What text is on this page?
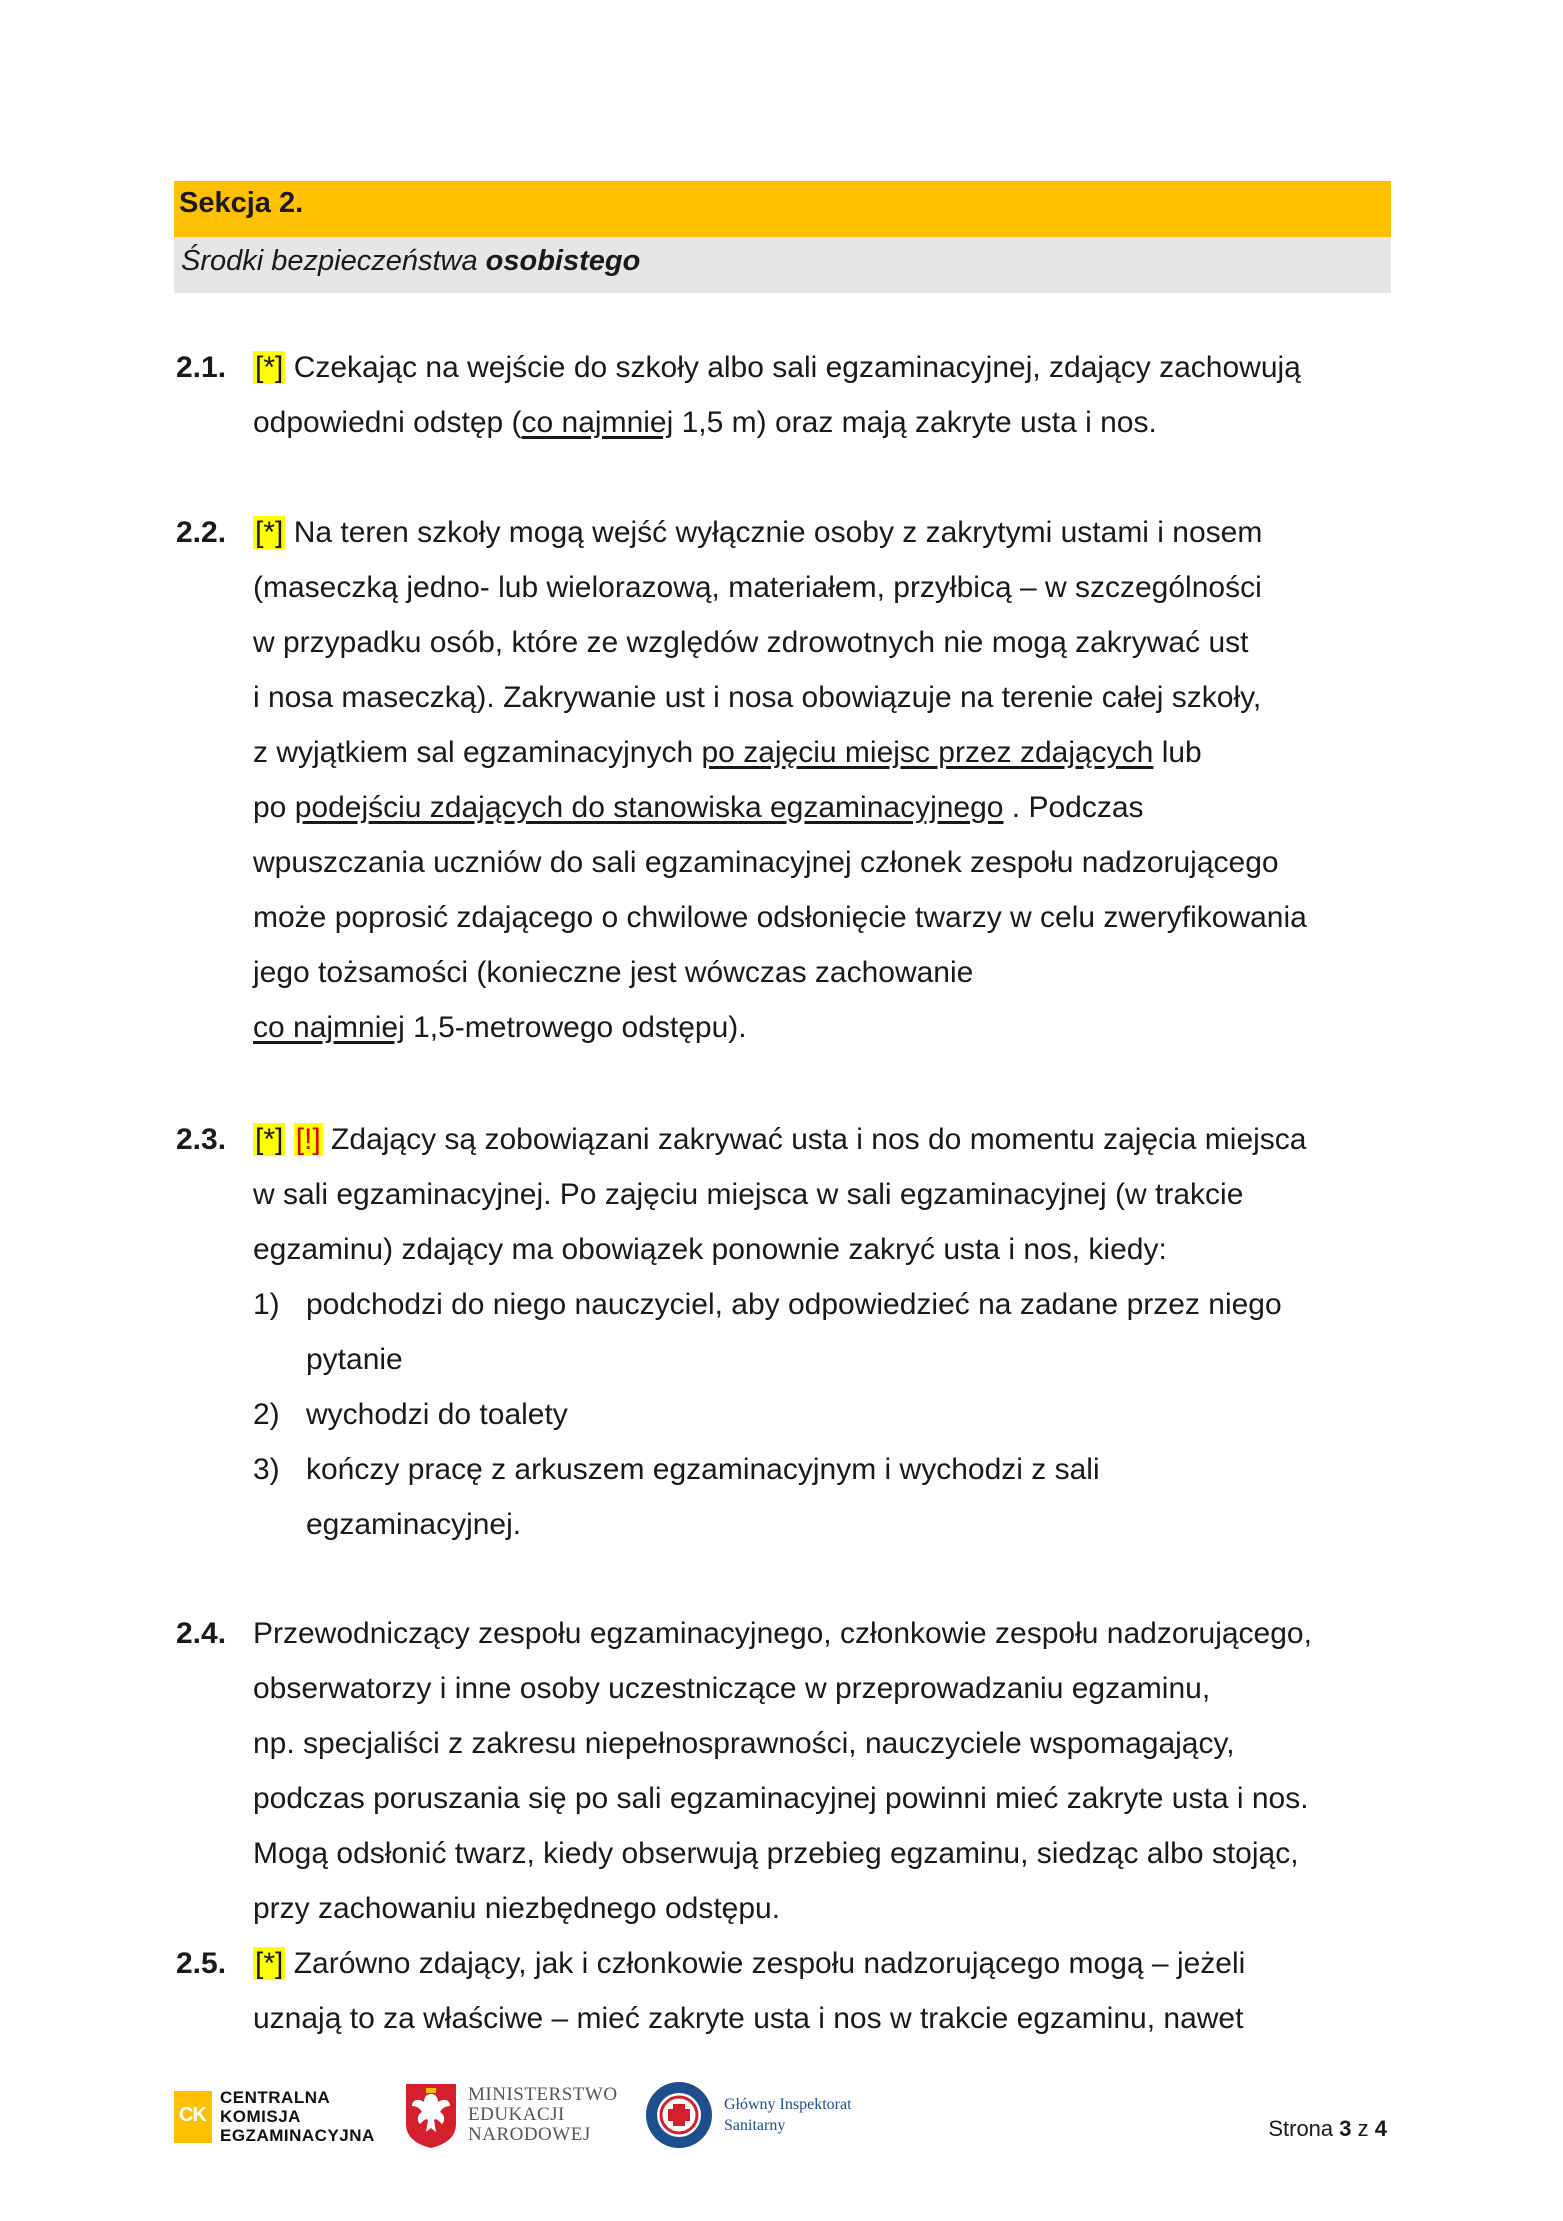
Sekcja 2.
Środki bezpieczeństwa osobistego
2.1. [*] Czekając na wejście do szkoły albo sali egzaminacyjnej, zdający zachowują
odpowiedni odstęp (co najmniej 1,5 m) oraz mają zakryte usta i nos.
2.2. [*] Na teren szkoły mogą wejść wyłącznie osoby z zakrytymi ustami i nosem
(maseczką jedno- lub wielorazową, materiałem, przyłbicą – w szczególności
w przypadku osób, które ze względów zdrowotnych nie mogą zakrywać ust
i nosa maseczką). Zakrywanie ust i nosa obowiązuje na terenie całej szkoły,
z wyjątkiem sal egzaminacyjnych po zajęciu miejsc przez zdających lub
po podejściu zdających do stanowiska egzaminacyjnego . Podczas
wpuszczania uczniów do sali egzaminacyjnej członek zespołu nadzorującego
może poprosić zdającego o chwilowe odsłonięcie twarzy w celu zweryfikowania
jego tożsamości (konieczne jest wówczas zachowanie
co najmniej 1,5-metrowego odstępu).
2.3. [*] [!] Zdający są zobowiązani zakrywać usta i nos do momentu zajęcia miejsca
w sali egzaminacyjnej. Po zajęciu miejsca w sali egzaminacyjnej (w trakcie
egzaminu) zdający ma obowiązek ponownie zakryć usta i nos, kiedy:
1) podchodzi do niego nauczyciel, aby odpowiedzieć na zadane przez niego
pytanie
2) wychodzi do toalety
3) kończy pracę z arkuszem egzaminacyjnym i wychodzi z sali
egzaminacyjnej.
2.4. Przewodniczący zespołu egzaminacyjnego, członkowie zespołu nadzorującego,
obserwatorzy i inne osoby uczestniczące w przeprowadzaniu egzaminu,
np. specjaliści z zakresu niepełnosprawności, nauczyciele wspomagający,
podczas poruszania się po sali egzaminacyjnej powinni mieć zakryte usta i nos.
Mogą odsłonić twarz, kiedy obserwują przebieg egzaminu, siedząc albo stojąc,
przy zachowaniu niezbędnego odstępu.
2.5. [*] Zarówno zdający, jak i członkowie zespołu nadzorującego mogą – jeżeli
uznają to za właściwe – mieć zakryte usta i nos w trakcie egzaminu, nawet
CK
CENTRALNA
KOMISJA
EGZAMINACYJNA
MINISTERSTWO
EDUKACJI
NARODOWEJ
Główny Inspektorat
Sanitarny	Strona 3 z 4
